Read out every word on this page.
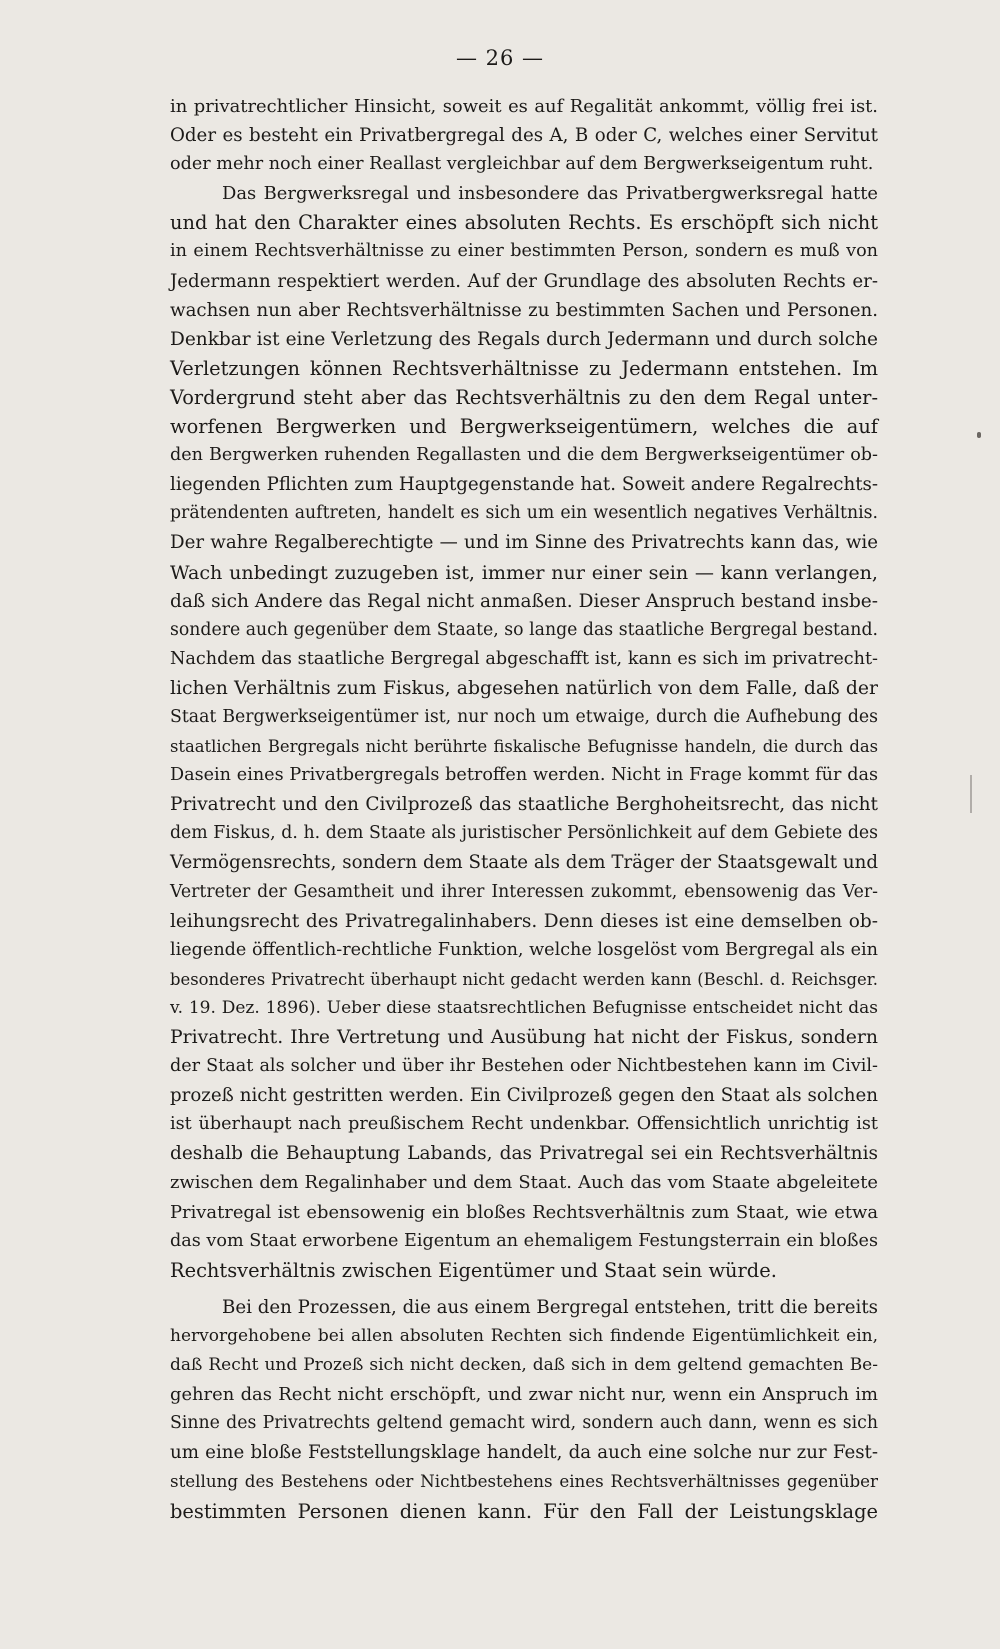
— 26 —
in privatrechtlicher Hinsicht, soweit es auf Regalität ankommt, völlig frei ist.
Oder es besteht ein Privatbergregal des A, B oder C, welches einer Servitut
oder mehr noch einer Reallast vergleichbar auf dem Bergwerkseigentum ruht.
Das Bergwerksregal und insbesondere das Privatbergwerksregal hatte
und hat den Charakter eines absoluten Rechts. Es erschöpft sich nicht
in einem Rechtsverhältnisse zu einer bestimmten Person, sondern es muß von
Jedermann respektiert werden. Auf der Grundlage des absoluten Rechts er-
wachsen nun aber Rechtsverhältnisse zu bestimmten Sachen und Personen.
Denkbar ist eine Verletzung des Regals durch Jedermann und durch solche
Verletzungen können Rechtsverhältnisse zu Jedermann entstehen. Im
Vordergrund steht aber das Rechtsverhältnis zu den dem Regal unter-
worfenen Bergwerken und Bergwerkseigentümern, welches die auf
den Bergwerken ruhenden Regallasten und die dem Bergwerkseigentümer ob-
liegenden Pflichten zum Hauptgegenstande hat. Soweit andere Regalrechts-
prätendenten auftreten, handelt es sich um ein wesentlich negatives Verhältnis.
Der wahre Regalberechtigte — und im Sinne des Privatrechts kann das, wie
Wach unbedingt zuzugeben ist, immer nur einer sein — kann verlangen,
daß sich Andere das Regal nicht anmaßen. Dieser Anspruch bestand insbe-
sondere auch gegenüber dem Staate, so lange das staatliche Bergregal bestand.
Nachdem das staatliche Bergregal abgeschafft ist, kann es sich im privatrecht-
lichen Verhältnis zum Fiskus, abgesehen natürlich von dem Falle, daß der
Staat Bergwerkseigentümer ist, nur noch um etwaige, durch die Aufhebung des
staatlichen Bergregals nicht berührte fiskalische Befugnisse handeln, die durch das
Dasein eines Privatbergregals betroffen werden. Nicht in Frage kommt für das
Privatrecht und den Civilprozeß das staatliche Berghoheitsrecht, das nicht
dem Fiskus, d. h. dem Staate als juristischer Persönlichkeit auf dem Gebiete des
Vermögensrechts, sondern dem Staate als dem Träger der Staatsgewalt und
Vertreter der Gesamtheit und ihrer Interessen zukommt, ebensowenig das Ver-
leihungsrecht des Privatregalinhabers. Denn dieses ist eine demselben ob-
liegende öffentlich-rechtliche Funktion, welche losgelöst vom Bergregal als ein
besonderes Privatrecht überhaupt nicht gedacht werden kann (Beschl. d. Reichsger.
v. 19. Dez. 1896). Ueber diese staatsrechtlichen Befugnisse entscheidet nicht das
Privatrecht. Ihre Vertretung und Ausübung hat nicht der Fiskus, sondern
der Staat als solcher und über ihr Bestehen oder Nichtbestehen kann im Civil-
prozeß nicht gestritten werden. Ein Civilprozeß gegen den Staat als solchen
ist überhaupt nach preußischem Recht undenkbar. Offensichtlich unrichtig ist
deshalb die Behauptung Labands, das Privatregal sei ein Rechtsverhältnis
zwischen dem Regalinhaber und dem Staat. Auch das vom Staate abgeleitete
Privatregal ist ebensowenig ein bloßes Rechtsverhältnis zum Staat, wie etwa
das vom Staat erworbene Eigentum an ehemaligem Festungsterrain ein bloßes
Rechtsverhältnis zwischen Eigentümer und Staat sein würde.
Bei den Prozessen, die aus einem Bergregal entstehen, tritt die bereits
hervorgehobene bei allen absoluten Rechten sich findende Eigentümlichkeit ein,
daß Recht und Prozeß sich nicht decken, daß sich in dem geltend gemachten Be-
gehren das Recht nicht erschöpft, und zwar nicht nur, wenn ein Anspruch im
Sinne des Privatrechts geltend gemacht wird, sondern auch dann, wenn es sich
um eine bloße Feststellungsklage handelt, da auch eine solche nur zur Fest-
stellung des Bestehens oder Nichtbestehens eines Rechtsverhältnisses gegenüber
bestimmten Personen dienen kann. Für den Fall der Leistungsklage
